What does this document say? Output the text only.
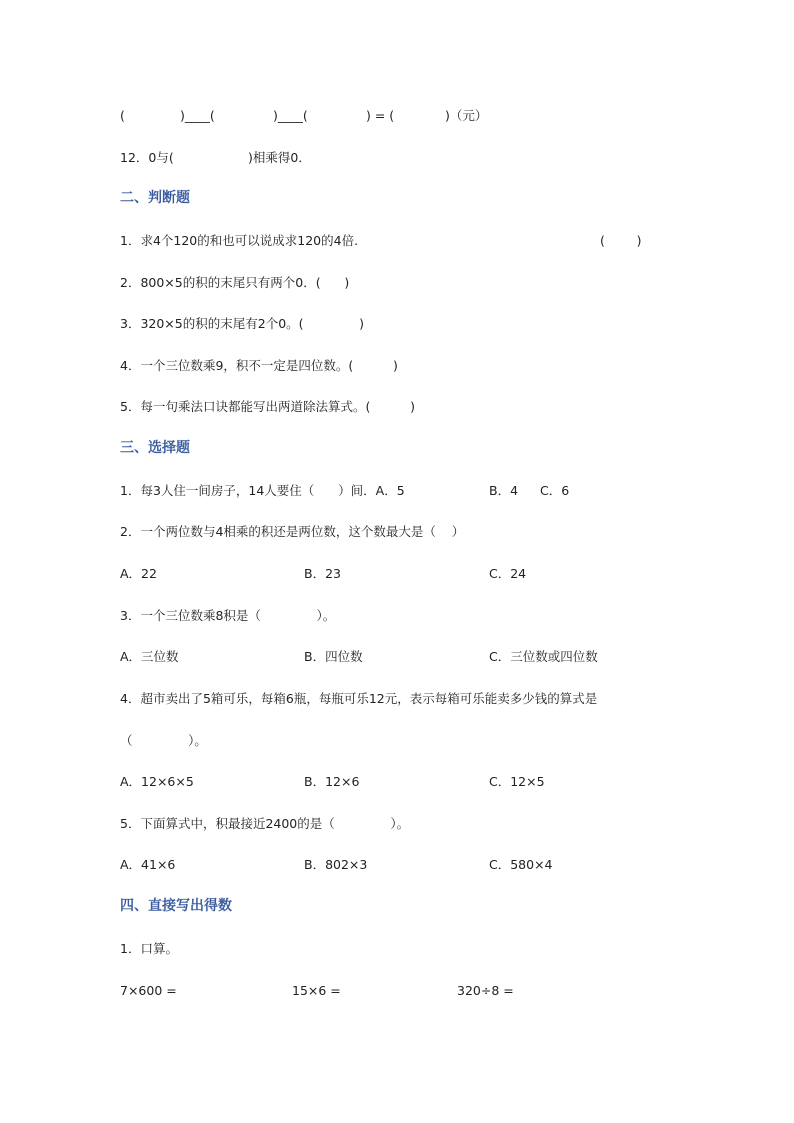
(

	)____(

	)____(

	) = (

	)（元）

12．0与(

	)相乘得0．

二、判断题

1．求4个120的和也可以说成求120的4倍.

	(        )

2．800×5的积的末尾只有两个0．(      )

3．320×5的积的末尾有2个0。(              )

4．一个三位数乘9，积不一定是四位数。(          )

5．每一句乘法口诀都能写出两道除法算式。(          )

三、选择题

1．每3人住一间房子，14人要住（      ）间．A．5

	B．4

C．6

2．一个两位数与4相乘的积还是两位数，这个数最大是（    ）

A．22

	B．23

	C．24

3．一个三位数乘8积是（              ）。

A．三位数

	B．四位数

	C．三位数或四位数

4．超市卖出了5箱可乐，每箱6瓶，每瓶可乐12元，表示每箱可乐能卖多少钱的算式是

（              ）。

A．12×6×5

	B．12×6

	C．12×5

5．下面算式中，积最接近2400的是（              ）。

A．41×6

	B．802×3

	C．580×4

四、直接写出得数

1．口算。

7×600 =

	15×6 =

	320÷8 =
